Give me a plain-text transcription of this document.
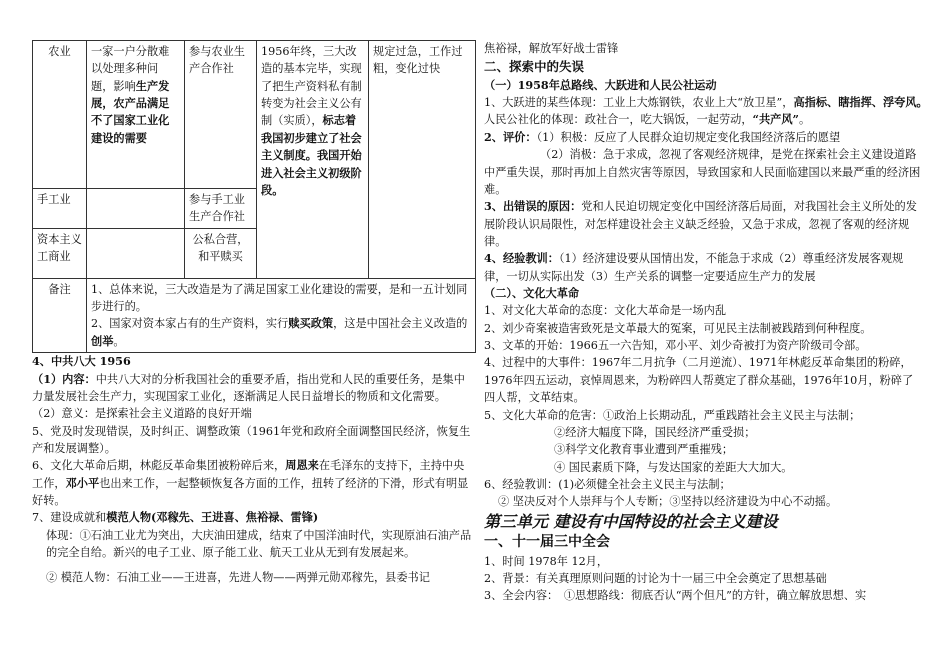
农业	一家一户分散难以处理多种问题，影响生产发展，农产品满足不了国家工业化建设的需要	参与农业生产合作社	1956年终，三大改造的基本完毕，实现了把生产资料私有制转变为社会主义公有制（实质），标志着我国初步建立了社会主义制度。我国开始进入社会主义初级阶段。	规定过急，工作过粗，变化过快
手工业		参与手工业生产合作社		
资本主义工商业		公私合营，
和平赎买		
备注	1、总体来说，三大改造是为了满足国家工业化建设的需要，是和一五计划同步进行的。

2、国家对资本家占有的生产资料，实行赎买政策，这是中国社会主义改造的创举。			

4、中共八大 1956

（1）内容：中共八大对的分析我国社会的重要矛盾，指出党和人民的重要任务，是集中力量发展社会生产力，实现国家工业化，逐渐满足人民日益增长的物质和文化需要。

（2）意义：是探索社会主义道路的良好开端

5、党及时发现错误，及时纠正、调整政策（1961年党和政府全面调整国民经济，恢复生产和发展调整）。

6、文化大革命后期，林彪反革命集团被粉碎后来，周恩来在毛泽东的支持下，主持中央工作，邓小平也出来工作，一起整顿恢复各方面的工作，扭转了经济的下滑，形式有明显好转。

7、建设成就和模范人物(邓稼先、王进喜、焦裕禄、雷锋)

体现：①石油工业尤为突出，大庆油田建成，结束了中国洋油时代，实现原油石油产品的完全自给。新兴的电子工业、原子能工业、航天工业从无到有发展起来。

② 模范人物：石油工业——王进喜，先进人物——两弹元勋邓稼先，县委书记

焦裕禄，解放军好战士雷锋

二、探索中的失误

（一）1958年总路线、大跃进和人民公社运动

1、大跃进的某些体现：工业上大炼钢铁，农业上大“放卫星”，高指标、瞎指挥、浮夸风。　人民公社化的体现：政社合一，吃大锅饭，一起劳动，“共产风”。

2、评价：（1）积极：反应了人民群众迫切规定变化我国经济落后的愿望

（2）消极：急于求成，忽视了客观经济规律，是党在探索社会主义建设道路中严重失误，那时再加上自然灾害等原因，导致国家和人民面临建国以来最严重的经济困难。

3、出错误的原因：党和人民迫切规定变化中国经济落后局面，对我国社会主义所处的发展阶段认识局限性，对怎样建设社会主义缺乏经验，又急于求成，忽视了客观的经济规律。

4、经验教训：（1）经济建设要从国情出发，不能急于求成（2）尊重经济发展客观规律，一切从实际出发（3）生产关系的调整一定要适应生产力的发展

（二）、文化大革命

1、对文化大革命的态度：文化大革命是一场内乱

2、刘少奇案被造害致死是文革最大的冤案，可见民主法制被践踏到何种程度。

3、文革的开始：1966五一六告知，邓小平、刘少奇被打为资产阶级司令部。

4、过程中的大事件：1967年二月抗争（二月逆流）、1971年林彪反革命集团的粉碎，1976年四五运动，哀悼周恩来，为粉碎四人帮奠定了群众基础，1976年10月，粉碎了四人帮，文革结束。

5、文化大革命的危害：①政治上长期动乱，严重践踏社会主义民主与法制；

②经济大幅度下降，国民经济严重受损；

③科学文化教育事业遭到严重摧残；

④ 国民素质下降，与发达国家的差距大大加大。

6、经验教训：(1)必须健全社会主义民主与法制；

② 坚决反对个人崇拜与个人专断；③坚持以经济建设为中心不动摇。

第三单元 建设有中国特设的社会主义建设

一、十一届三中全会

1、时间 1978年 12月，

2、背景：有关真理原则问题的讨论为十一届三中全会奠定了思想基础

3、全会内容：　①思想路线：彻底否认“两个但凡”的方针，确立解放思想、实
